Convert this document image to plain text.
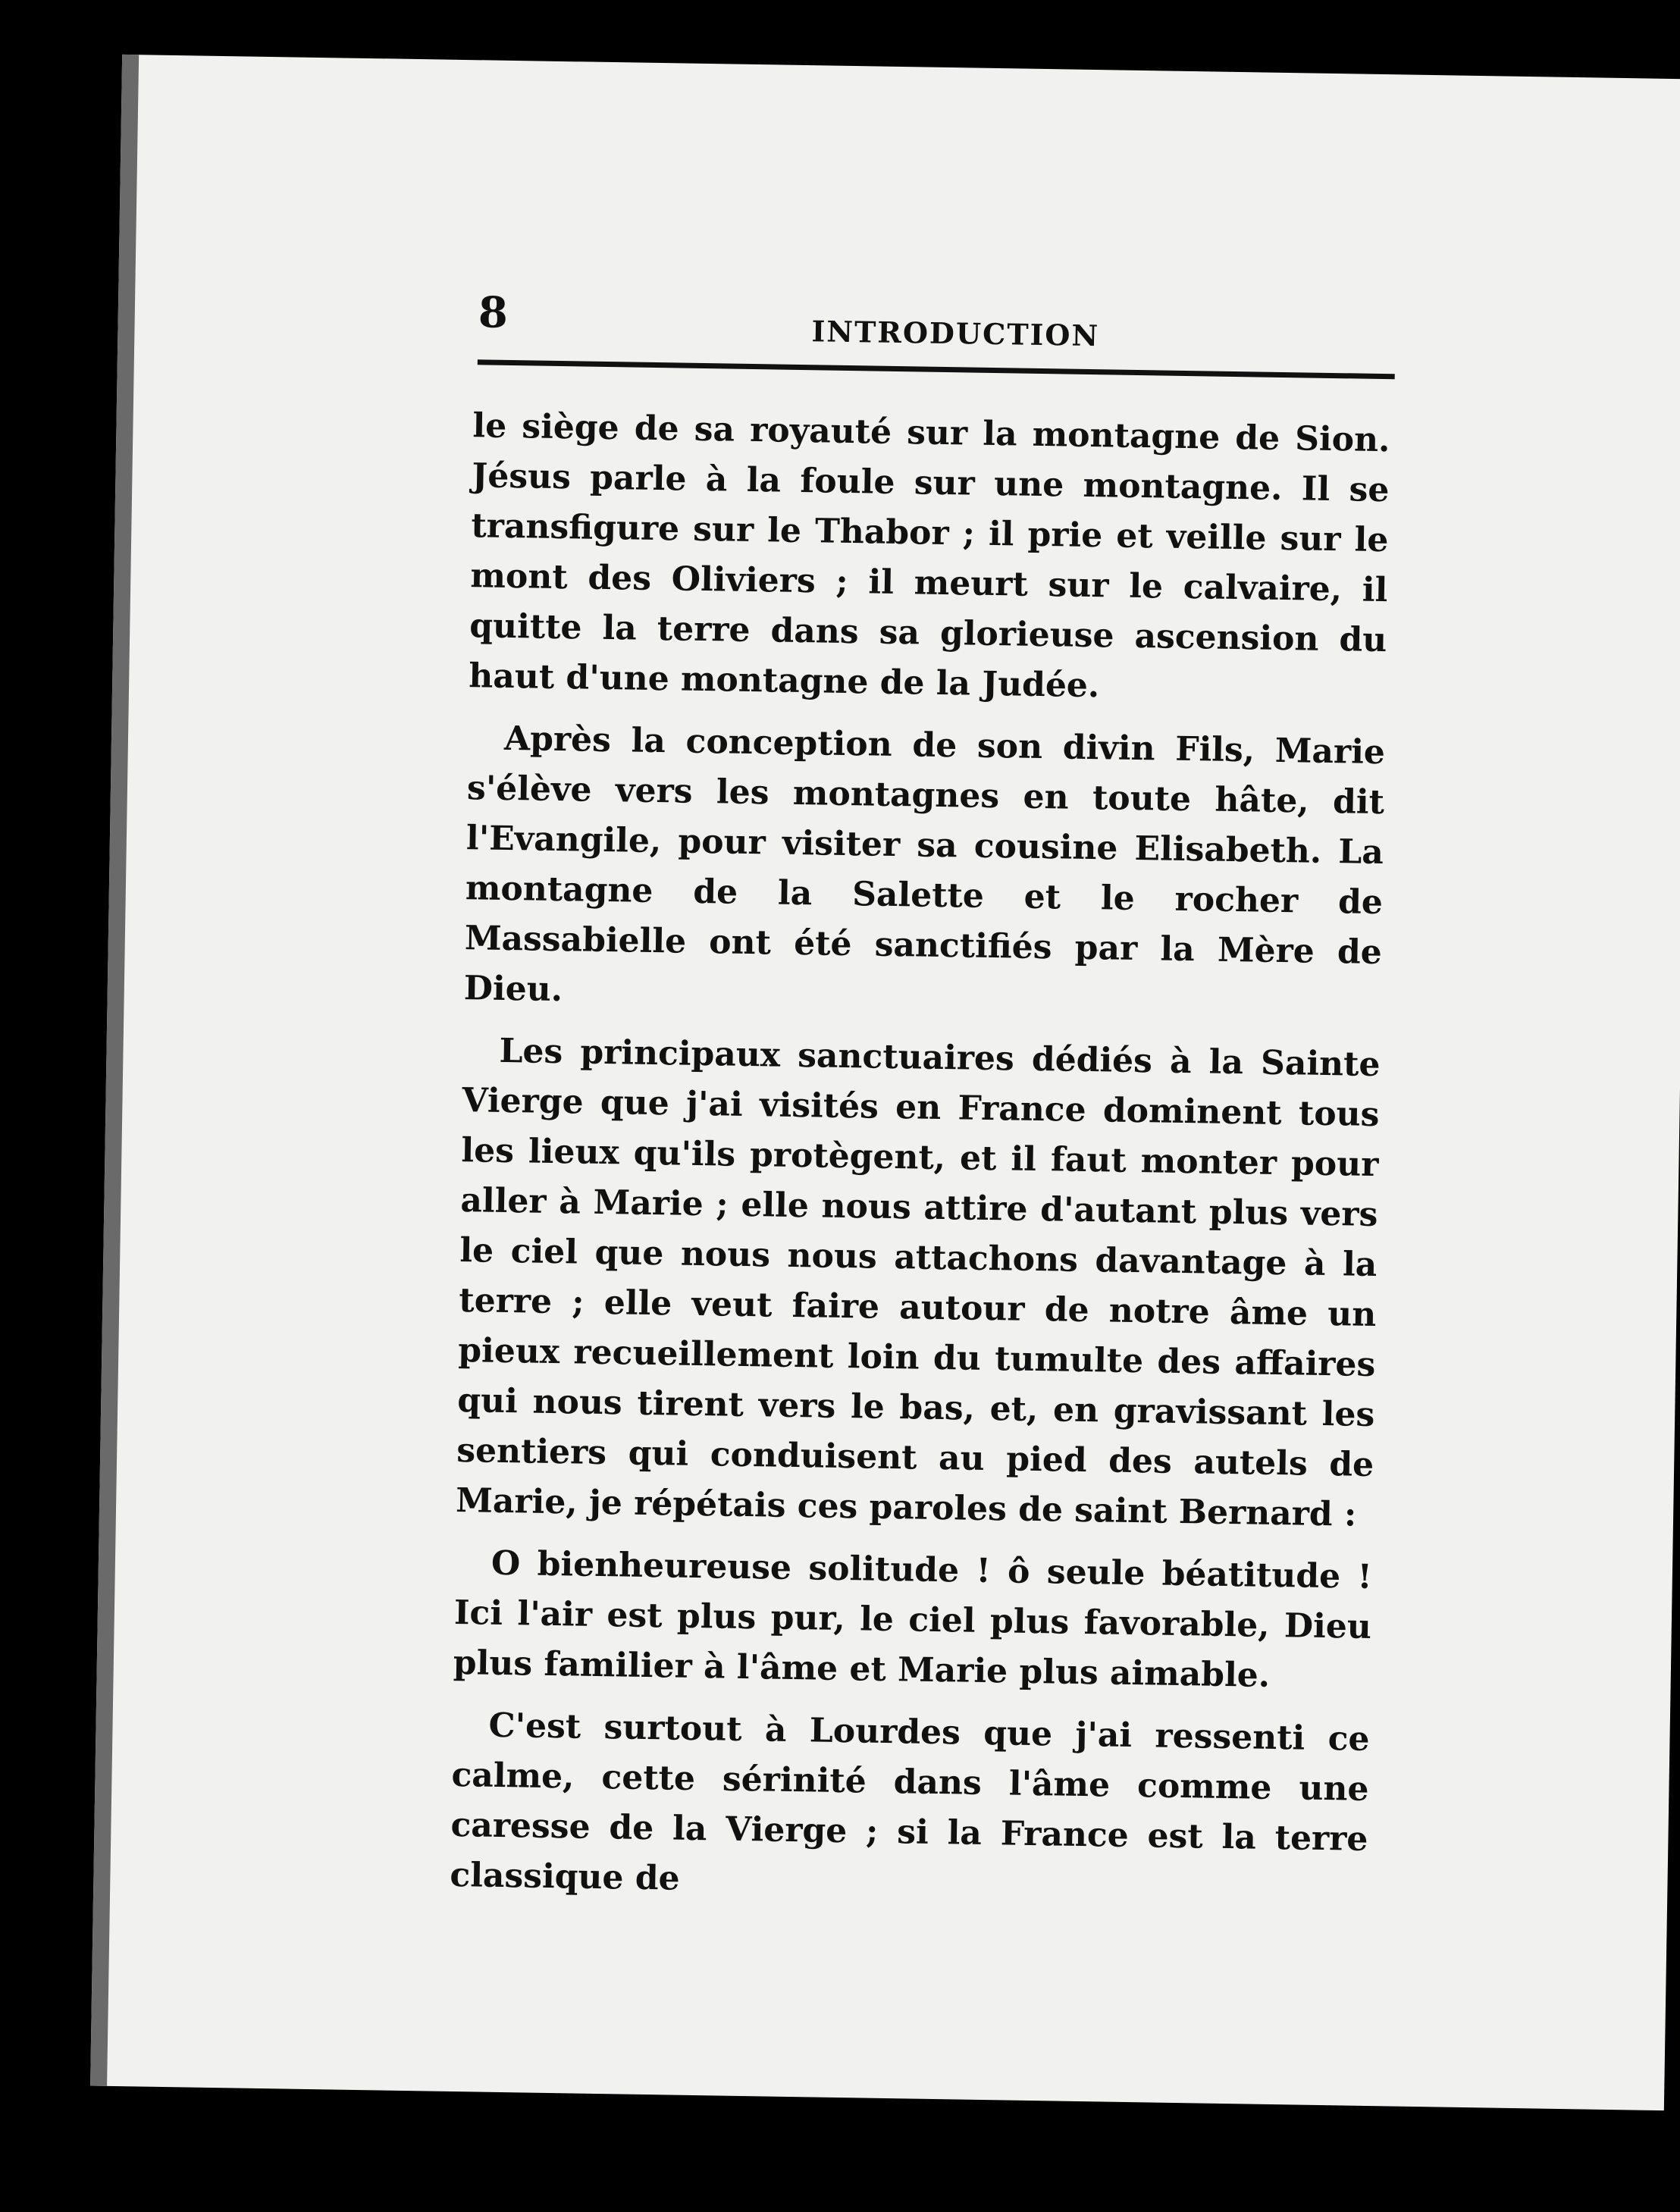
8	INTRODUCTION

le siège de sa royauté sur la montagne de Sion. Jésus parle à la foule sur une montagne. Il se transfigure sur le Thabor ; il prie et veille sur le mont des Oliviers ; il meurt sur le calvaire, il quitte la terre dans sa glorieuse ascension du haut d'une montagne de la Judée.

Après la conception de son divin Fils, Marie s'élève vers les montagnes en toute hâte, dit l'Evangile, pour visiter sa cousine Elisabeth. La montagne de la Salette et le rocher de Massabielle ont été sanctifiés par la Mère de Dieu.

Les principaux sanctuaires dédiés à la Sainte Vierge que j'ai visités en France dominent tous les lieux qu'ils protègent, et il faut monter pour aller à Marie ; elle nous attire d'autant plus vers le ciel que nous nous attachons davantage à la terre ; elle veut faire autour de notre âme un pieux recueillement loin du tumulte des affaires qui nous tirent vers le bas, et, en gravissant les sentiers qui conduisent au pied des autels de Marie, je répétais ces paroles de saint Bernard :

O bienheureuse solitude ! ô seule béatitude ! Ici l'air est plus pur, le ciel plus favorable, Dieu plus familier à l'âme et Marie plus aimable.

C'est surtout à Lourdes que j'ai ressenti ce calme, cette sérinité dans l'âme comme une caresse de la Vierge ; si la France est la terre classique de
